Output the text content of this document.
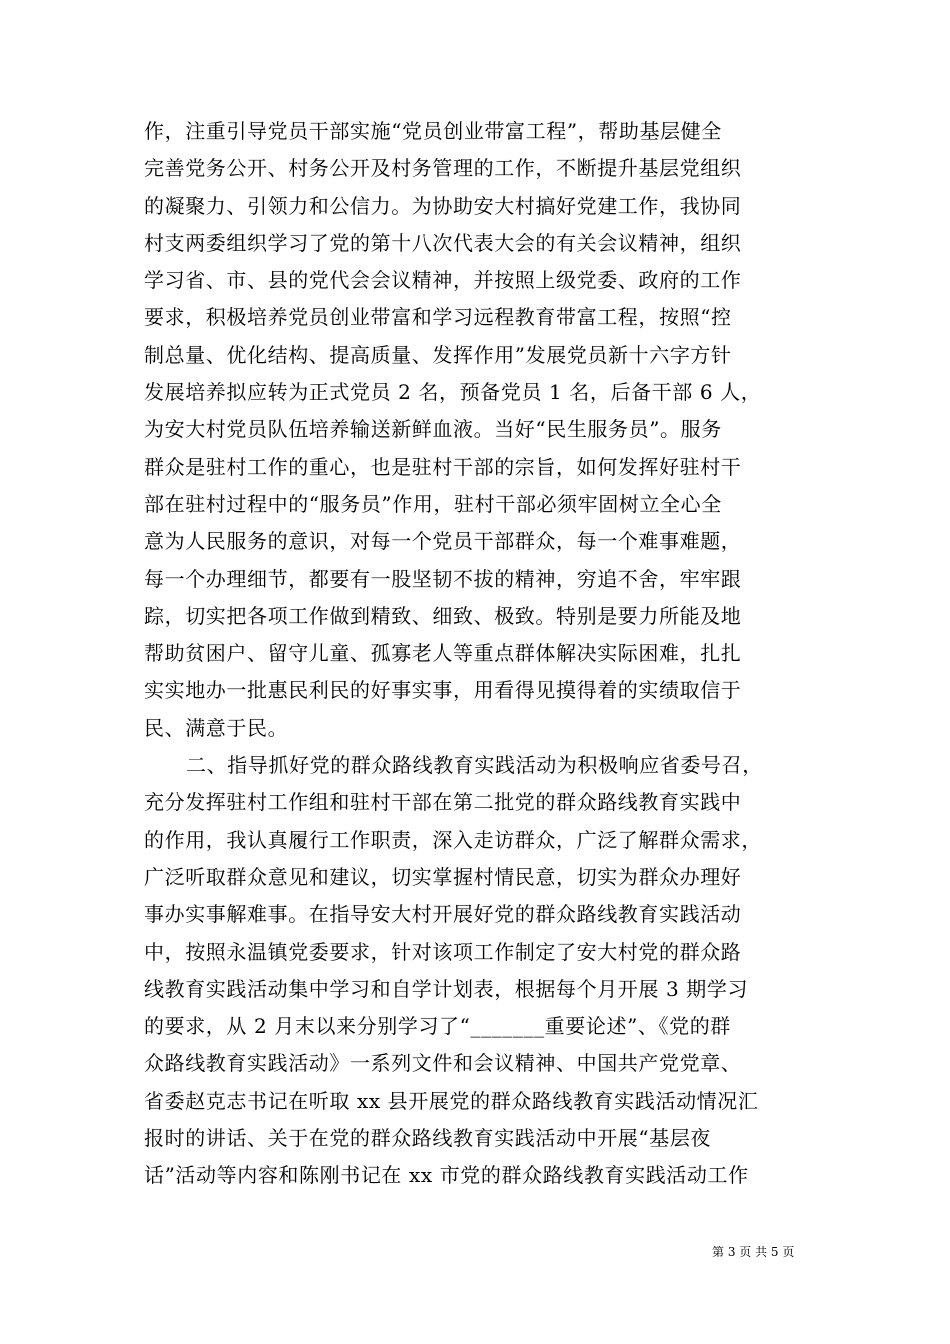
作，注重引导党员干部实施“党员创业带富工程”，帮助基层健全
完善党务公开、村务公开及村务管理的工作，不断提升基层党组织
的凝聚力、引领力和公信力。为协助安大村搞好党建工作，我协同
村支两委组织学习了党的第十八次代表大会的有关会议精神，组织
学习省、市、县的党代会会议精神，并按照上级党委、政府的工作
要求，积极培养党员创业带富和学习远程教育带富工程，按照“控
制总量、优化结构、提高质量、发挥作用”发展党员新十六字方针
发展培养拟应转为正式党员 2 名，预备党员 1 名，后备干部 6 人，
为安大村党员队伍培养输送新鲜血液。当好“民生服务员”。服务
群众是驻村工作的重心，也是驻村干部的宗旨，如何发挥好驻村干
部在驻村过程中的“服务员”作用，驻村干部必须牢固树立全心全
意为人民服务的意识，对每一个党员干部群众，每一个难事难题，
每一个办理细节，都要有一股坚韧不拔的精神，穷追不舍，牢牢跟
踪，切实把各项工作做到精致、细致、极致。特别是要力所能及地
帮助贫困户、留守儿童、孤寡老人等重点群体解决实际困难，扎扎
实实地办一批惠民利民的好事实事，用看得见摸得着的实绩取信于
民、满意于民。
二、指导抓好党的群众路线教育实践活动为积极响应省委号召，
充分发挥驻村工作组和驻村干部在第二批党的群众路线教育实践中
的作用，我认真履行工作职责，深入走访群众，广泛了解群众需求，
广泛听取群众意见和建议，切实掌握村情民意，切实为群众办理好
事办实事解难事。在指导安大村开展好党的群众路线教育实践活动
中，按照永温镇党委要求，针对该项工作制定了安大村党的群众路
线教育实践活动集中学习和自学计划表，根据每个月开展 3 期学习
的要求，从 2 月末以来分别学习了“_______重要论述”、《党的群
众路线教育实践活动》一系列文件和会议精神、中国共产党党章、
省委赵克志书记在听取 xx 县开展党的群众路线教育实践活动情况汇
报时的讲话、关于在党的群众路线教育实践活动中开展“基层夜
话”活动等内容和陈刚书记在 xx 市党的群众路线教育实践活动工作
第 3 页 共 5 页
